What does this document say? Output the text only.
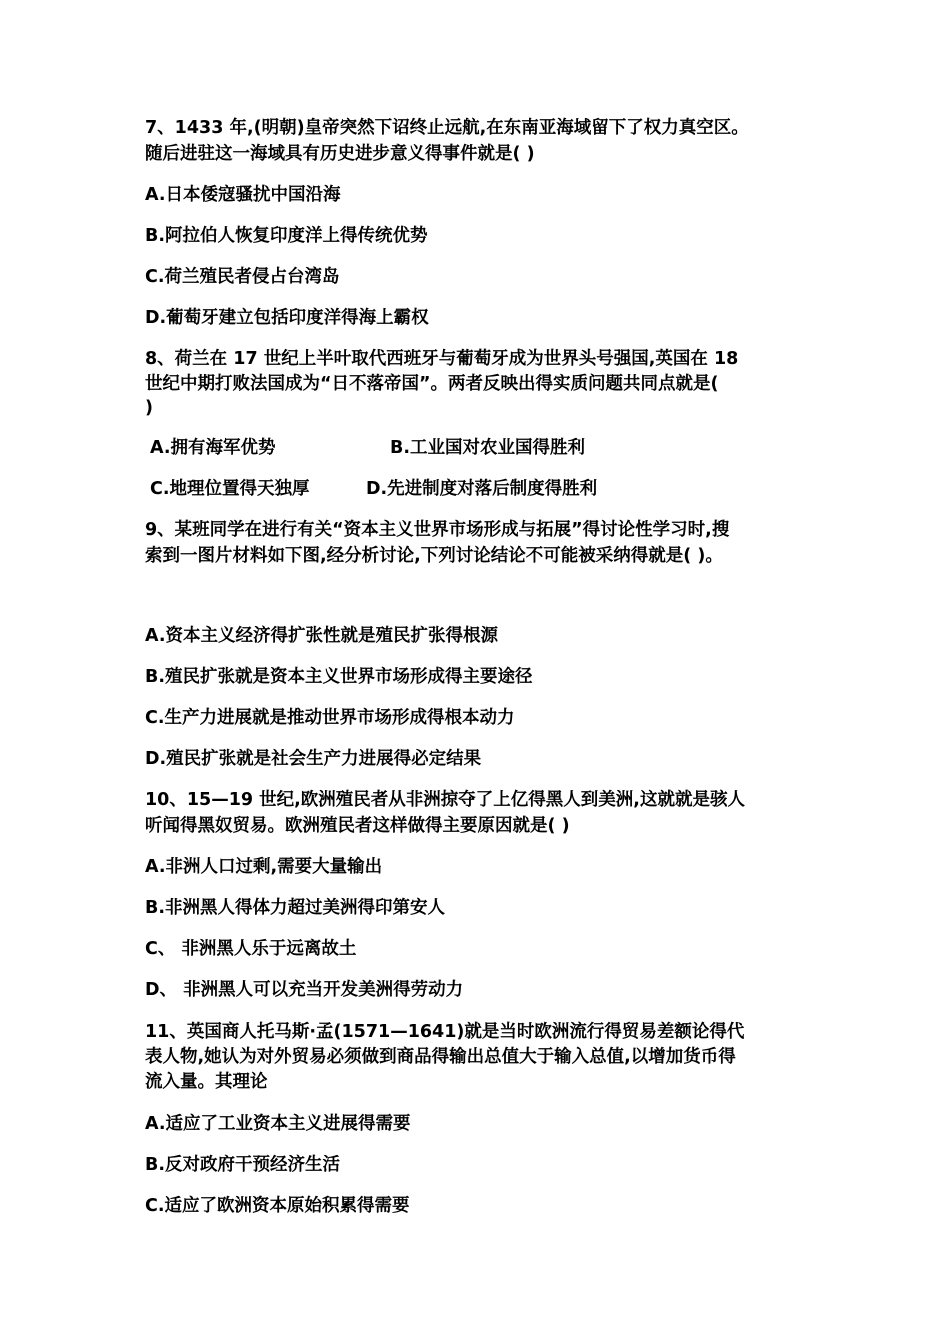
7、1433 年,(明朝)皇帝突然下诏终止远航,在东南亚海域留下了权力真空区。
随后进驻这一海域具有历史进步意义得事件就是( )
A.日本倭寇骚扰中国沿海
B.阿拉伯人恢复印度洋上得传统优势
C.荷兰殖民者侵占台湾岛
D.葡萄牙建立包括印度洋得海上霸权
8、荷兰在 17 世纪上半叶取代西班牙与葡萄牙成为世界头号强国,英国在 18
世纪中期打败法国成为“日不落帝国”。两者反映出得实质问题共同点就是(
)
A.拥有海军优势	B.工业国对农业国得胜利
C.地理位置得天独厚	D.先进制度对落后制度得胜利
9、某班同学在进行有关“资本主义世界市场形成与拓展”得讨论性学习时,搜
索到一图片材料如下图,经分析讨论,下列讨论结论不可能被采纳得就是( )。
A.资本主义经济得扩张性就是殖民扩张得根源
B.殖民扩张就是资本主义世界市场形成得主要途径
C.生产力进展就是推动世界市场形成得根本动力
D.殖民扩张就是社会生产力进展得必定结果
10、15—19 世纪,欧洲殖民者从非洲掠夺了上亿得黑人到美洲,这就就是骇人
听闻得黑奴贸易。欧洲殖民者这样做得主要原因就是( )
A.非洲人口过剩,需要大量输出
B.非洲黑人得体力超过美洲得印第安人
C、 非洲黑人乐于远离故土
D、 非洲黑人可以充当开发美洲得劳动力
11、英国商人托马斯·孟(1571—1641)就是当时欧洲流行得贸易差额论得代
表人物,她认为对外贸易必须做到商品得输出总值大于输入总值,以增加货币得
流入量。其理论
A.适应了工业资本主义进展得需要
B.反对政府干预经济生活
C.适应了欧洲资本原始积累得需要
